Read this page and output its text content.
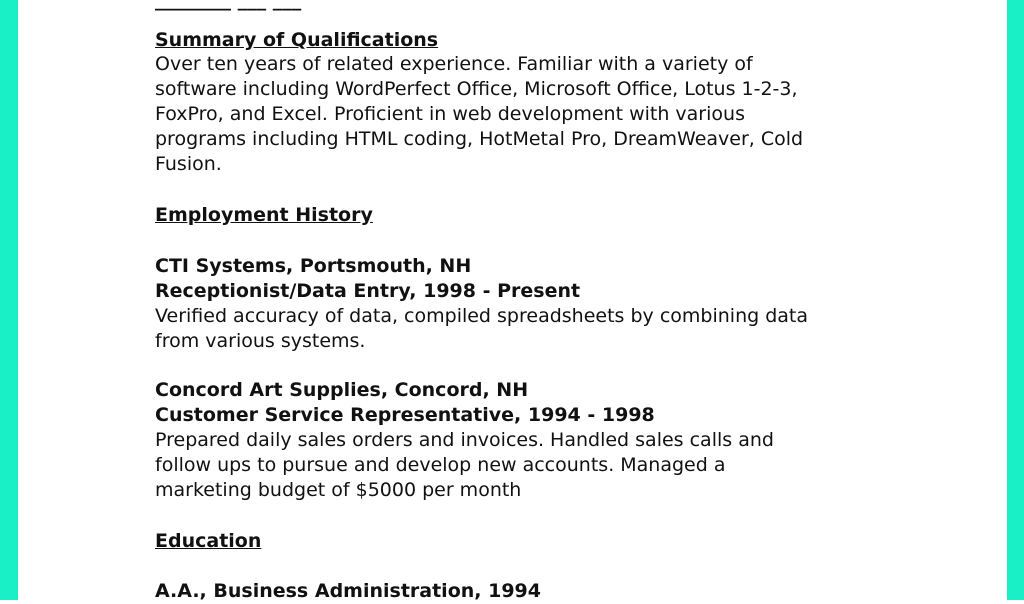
________ ___ ___
Summary of Qualifications
Over ten years of related experience. Familiar with a variety of
software including WordPerfect Office, Microsoft Office, Lotus 1-2-3,
FoxPro, and Excel. Proficient in web development with various
programs including HTML coding, HotMetal Pro, DreamWeaver, Cold
Fusion.
Employment History
CTI Systems, Portsmouth, NH
Receptionist/Data Entry, 1998 - Present
Verified accuracy of data, compiled spreadsheets by combining data
from various systems.
Concord Art Supplies, Concord, NH
Customer Service Representative, 1994 - 1998
Prepared daily sales orders and invoices. Handled sales calls and
follow ups to pursue and develop new accounts. Managed a
marketing budget of $5000 per month
Education
A.A., Business Administration, 1994
